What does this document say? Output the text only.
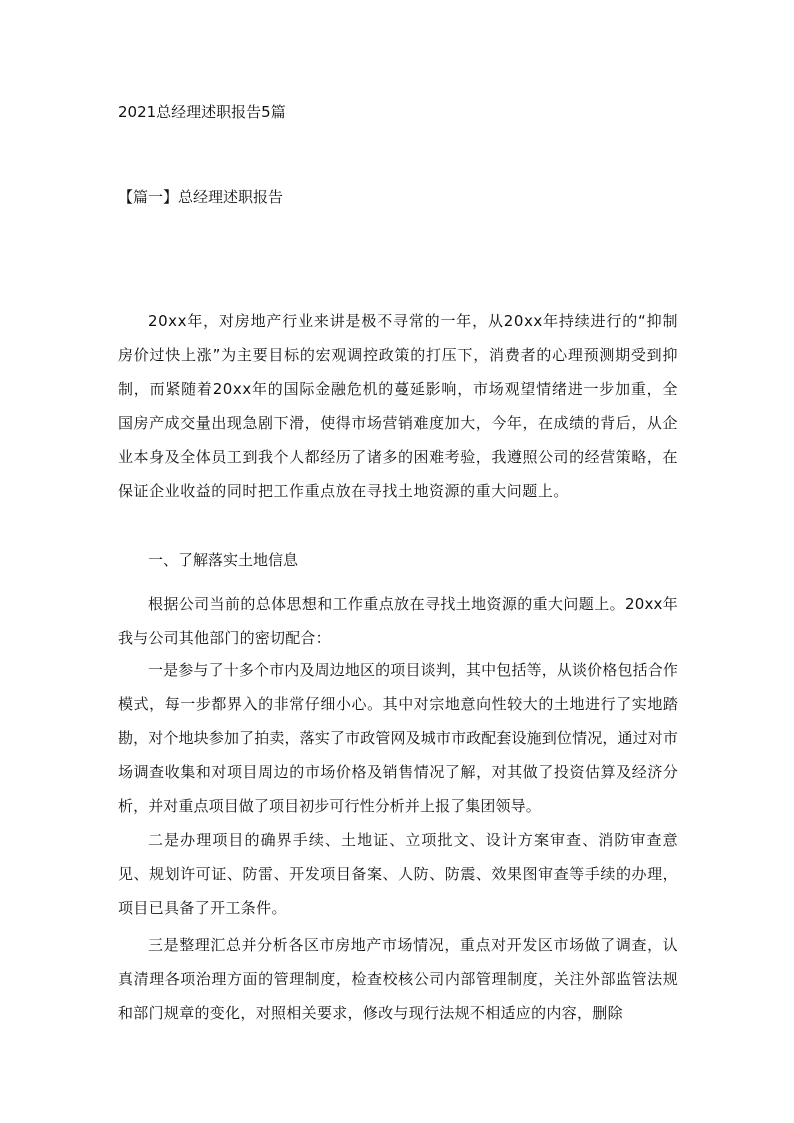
2021总经理述职报告5篇
【篇一】总经理述职报告

20xx年，对房地产行业来讲是极不寻常的一年，从20xx年持续进行的“抑制房价过快上涨”为主要目标的宏观调控政策的打压下，消费者的心理预测期受到抑制，而紧随着20xx年的国际金融危机的蔓延影响，市场观望情绪进一步加重，全国房产成交量出现急剧下滑，使得市场营销难度加大，今年，在成绩的背后，从企业本身及全体员工到我个人都经历了诸多的困难考验，我遵照公司的经营策略，在保证企业收益的同时把工作重点放在寻找土地资源的重大问题上。

一、了解落实土地信息

根据公司当前的总体思想和工作重点放在寻找土地资源的重大问题上。20xx年我与公司其他部门的密切配合：

一是参与了十多个市内及周边地区的项目谈判，其中包括等，从谈价格包括合作模式，每一步都界入的非常仔细小心。其中对宗地意向性较大的土地进行了实地踏勘，对个地块参加了拍卖，落实了市政管网及城市市政配套设施到位情况，通过对市场调查收集和对项目周边的市场价格及销售情况了解，对其做了投资估算及经济分析，并对重点项目做了项目初步可行性分析并上报了集团领导。

二是办理项目的确界手续、土地证、立项批文、设计方案审查、消防审查意见、规划许可证、防雷、开发项目备案、人防、防震、效果图审查等手续的办理，项目已具备了开工条件。

三是整理汇总并分析各区市房地产市场情况，重点对开发区市场做了调查，认真清理各项治理方面的管理制度，检查校核公司内部管理制度，关注外部监管法规和部门规章的变化，对照相关要求，修改与现行法规不相适应的内容，删除
